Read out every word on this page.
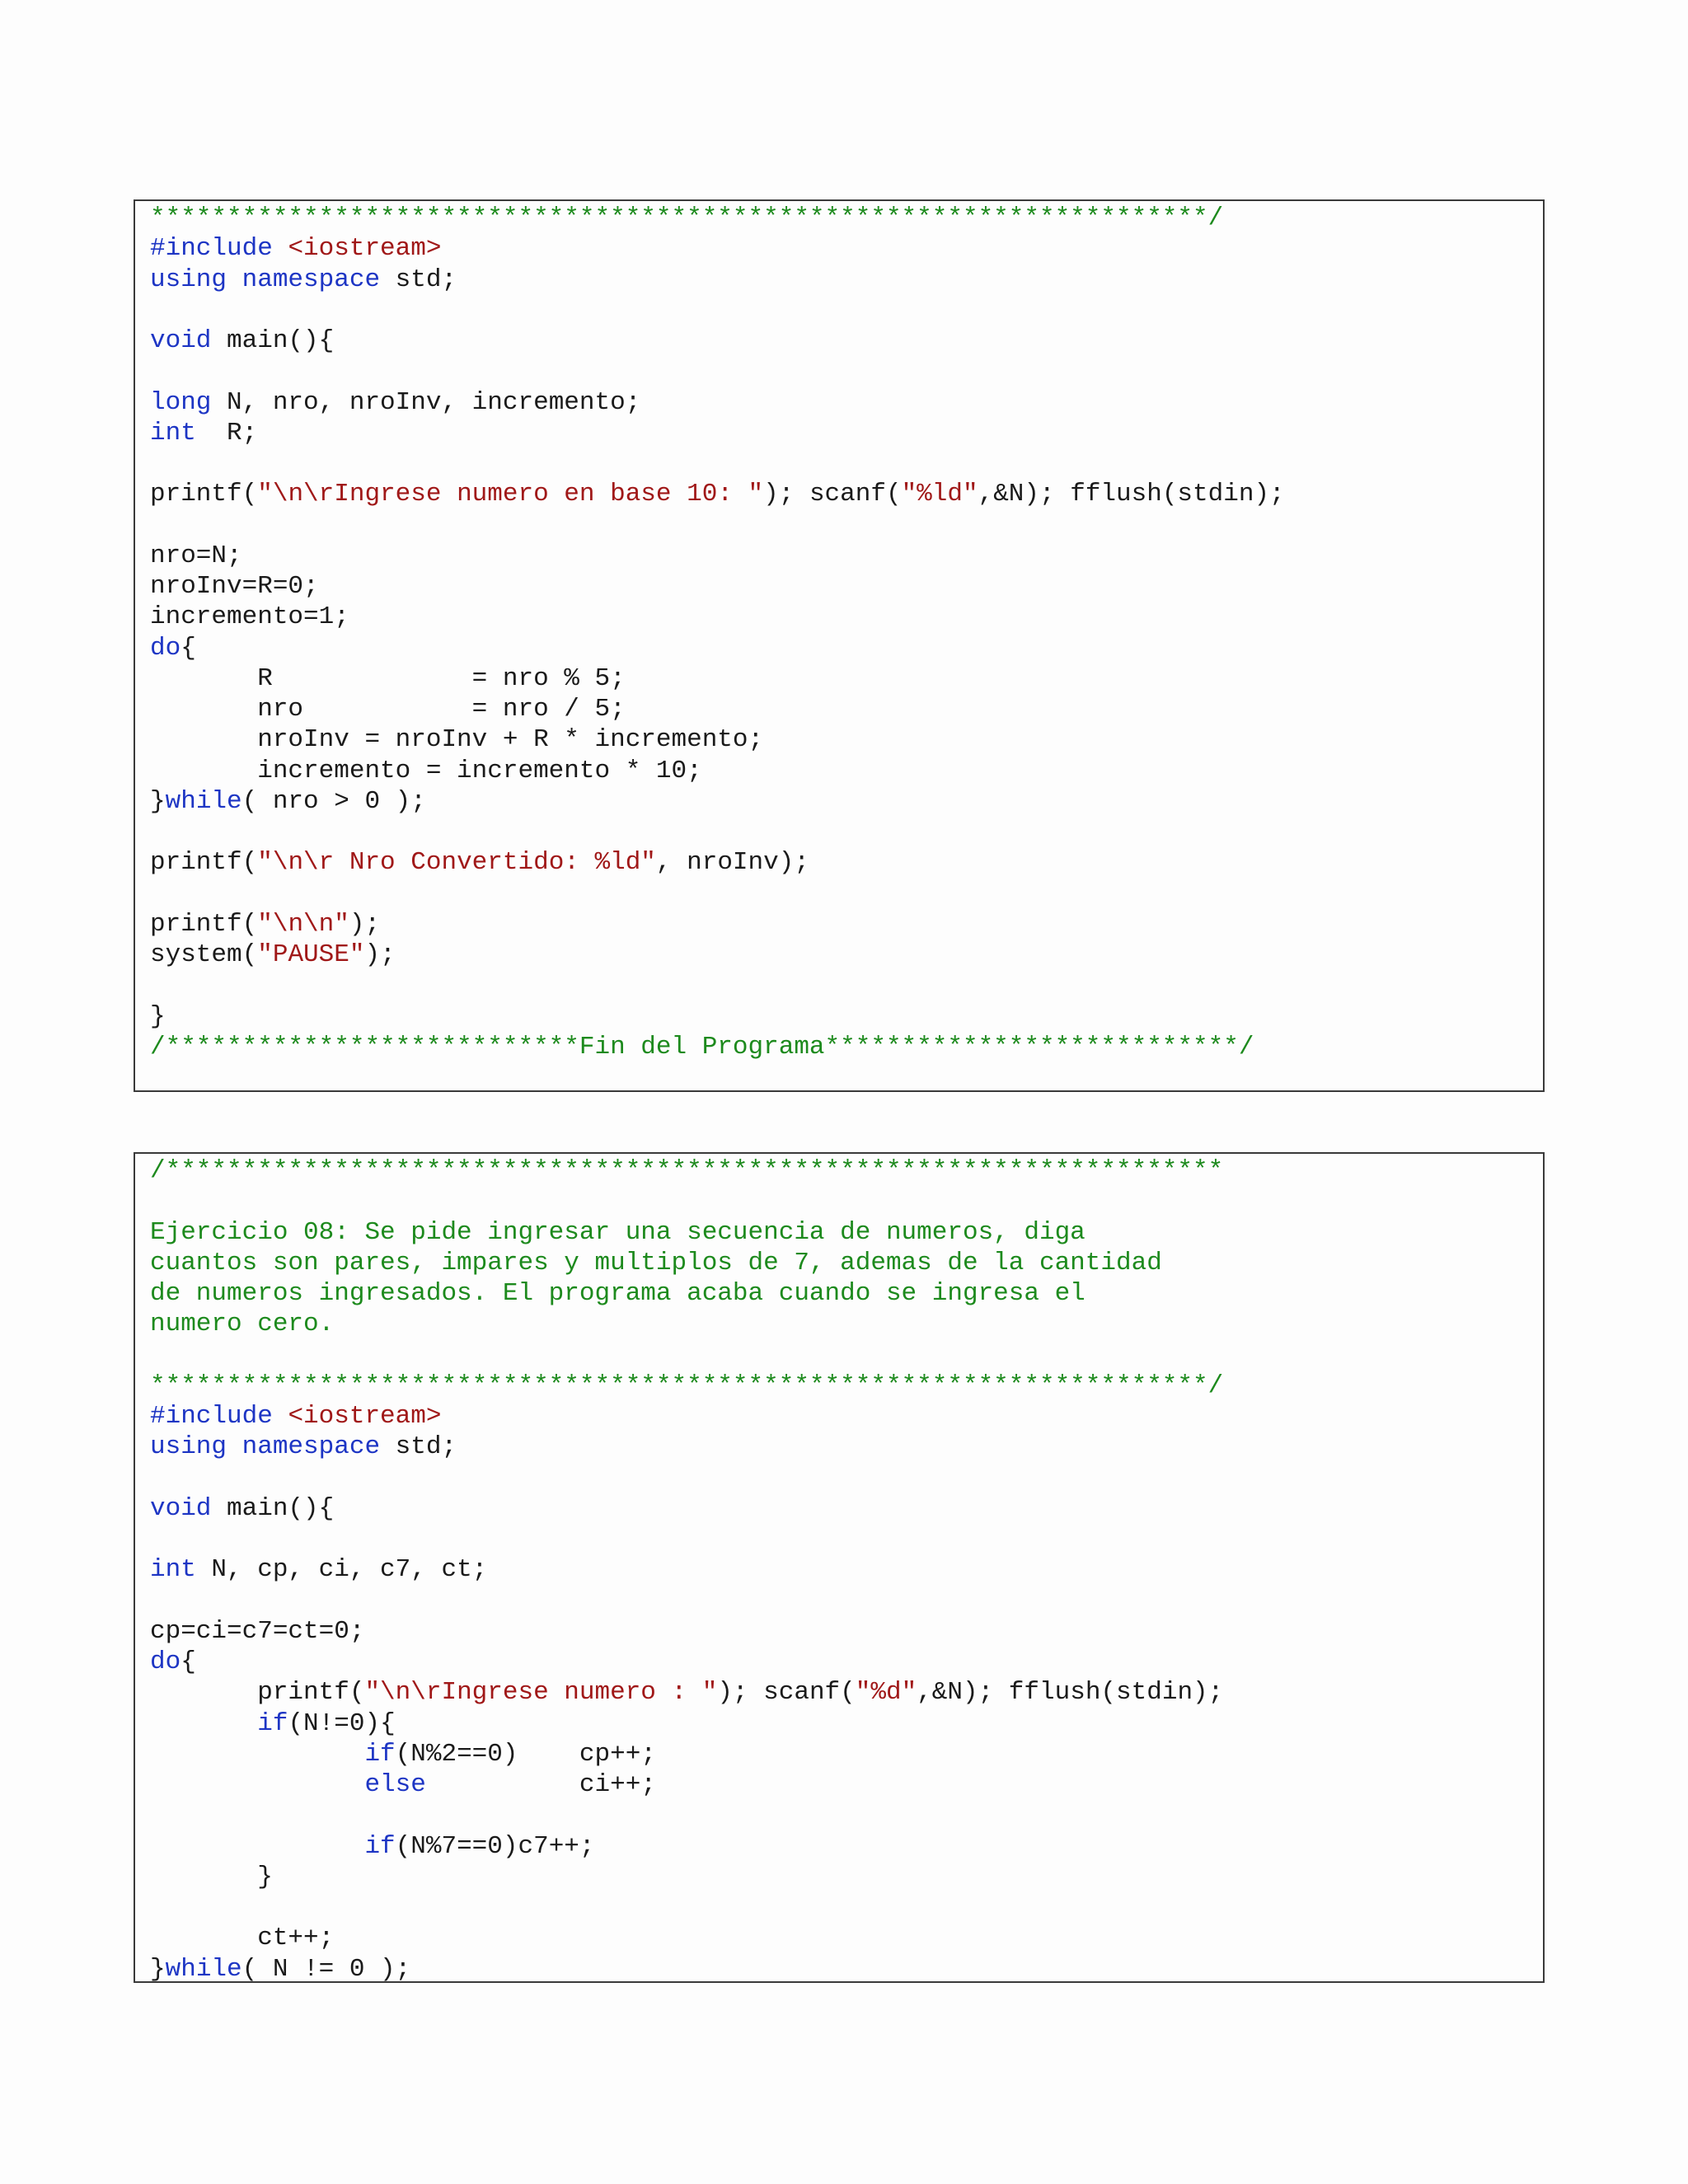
*********************************************************************/
#include <iostream>
using namespace std;
void main(){
long N, nro, nroInv, incremento;
int  R;
printf("\n\rIngrese numero en base 10: "); scanf("%ld",&N); fflush(stdin);
nro=N;
nroInv=R=0;
incremento=1;
do{
R             = nro % 5;
nro           = nro / 5;
nroInv = nroInv + R * incremento;
incremento = incremento * 10;
}while( nro > 0 );
printf("\n\r Nro Convertido: %ld", nroInv);
printf("\n\n");
system("PAUSE");
}
/***************************Fin del Programa***************************/
/*********************************************************************
Ejercicio 08: Se pide ingresar una secuencia de numeros, diga
cuantos son pares, impares y multiplos de 7, ademas de la cantidad
de numeros ingresados. El programa acaba cuando se ingresa el
numero cero.
*********************************************************************/
#include <iostream>
using namespace std;
void main(){
int N, cp, ci, c7, ct;
cp=ci=c7=ct=0;
do{
printf("\n\rIngrese numero : "); scanf("%d",&N); fflush(stdin);
if(N!=0){
if(N%2==0)    cp++;
else          ci++;
if(N%7==0)c7++;
}
ct++;
}while( N != 0 );
